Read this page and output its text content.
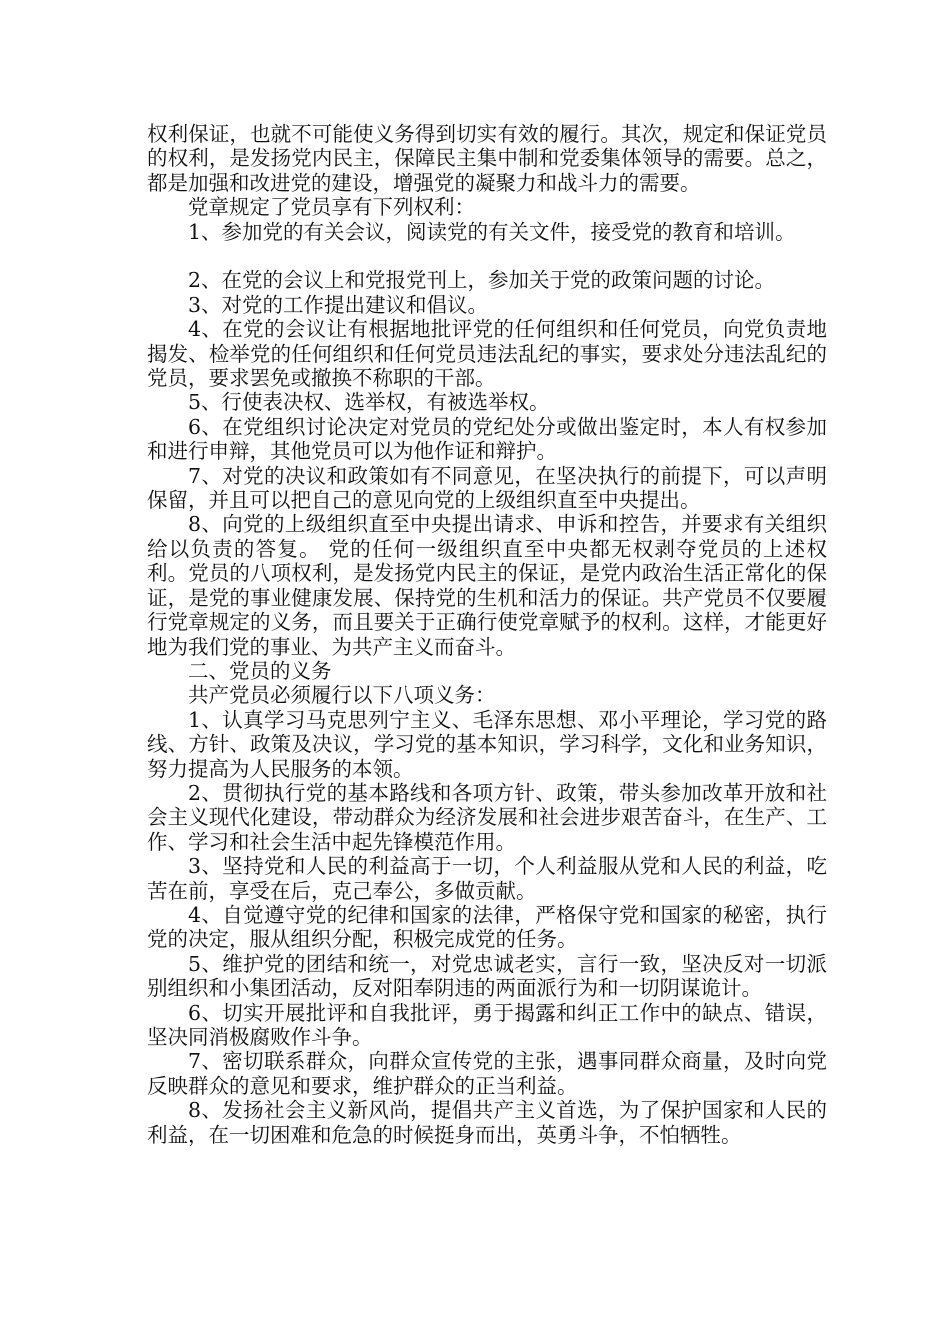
权利保证，也就不可能使义务得到切实有效的履行。其次，规定和保证党员的权利，是发扬党内民主，保障民主集中制和党委集体领导的需要。总之，都是加强和改进党的建设，增强党的凝聚力和战斗力的需要。

党章规定了党员享有下列权利：

1、参加党的有关会议，阅读党的有关文件，接受党的教育和培训。

2、在党的会议上和党报党刊上，参加关于党的政策问题的讨论。

3、对党的工作提出建议和倡议。

4、在党的会议让有根据地批评党的任何组织和任何党员，向党负责地揭发、检举党的任何组织和任何党员违法乱纪的事实，要求处分违法乱纪的党员，要求罢免或撤换不称职的干部。

5、行使表决权、选举权，有被选举权。

6、在党组织讨论决定对党员的党纪处分或做出鉴定时，本人有权参加和进行申辩，其他党员可以为他作证和辩护。

7、对党的决议和政策如有不同意见，在坚决执行的前提下，可以声明保留，并且可以把自己的意见向党的上级组织直至中央提出。

8、向党的上级组织直至中央提出请求、申诉和控告，并要求有关组织给以负责的答复。 党的任何一级组织直至中央都无权剥夺党员的上述权利。党员的八项权利，是发扬党内民主的保证，是党内政治生活正常化的保证，是党的事业健康发展、保持党的生机和活力的保证。共产党员不仅要履行党章规定的义务，而且要关于正确行使党章赋予的权利。这样，才能更好地为我们党的事业、为共产主义而奋斗。

二、党员的义务

共产党员必须履行以下八项义务：

1、认真学习马克思列宁主义、毛泽东思想、邓小平理论，学习党的路线、方针、政策及决议，学习党的基本知识，学习科学，文化和业务知识，努力提高为人民服务的本领。

2、贯彻执行党的基本路线和各项方针、政策，带头参加改革开放和社会主义现代化建设，带动群众为经济发展和社会进步艰苦奋斗，在生产、工作、学习和社会生活中起先锋模范作用。

3、坚持党和人民的利益高于一切，个人利益服从党和人民的利益，吃苦在前，享受在后，克己奉公，多做贡献。

4、自觉遵守党的纪律和国家的法律，严格保守党和国家的秘密，执行党的决定，服从组织分配，积极完成党的任务。

5、维护党的团结和统一，对党忠诚老实，言行一致，坚决反对一切派别组织和小集团活动，反对阳奉阴违的两面派行为和一切阴谋诡计。

6、切实开展批评和自我批评，勇于揭露和纠正工作中的缺点、错误，坚决同消极腐败作斗争。

7、密切联系群众，向群众宣传党的主张，遇事同群众商量，及时向党反映群众的意见和要求，维护群众的正当利益。

8、发扬社会主义新风尚，提倡共产主义首选，为了保护国家和人民的利益，在一切困难和危急的时候挺身而出，英勇斗争，不怕牺牲。
